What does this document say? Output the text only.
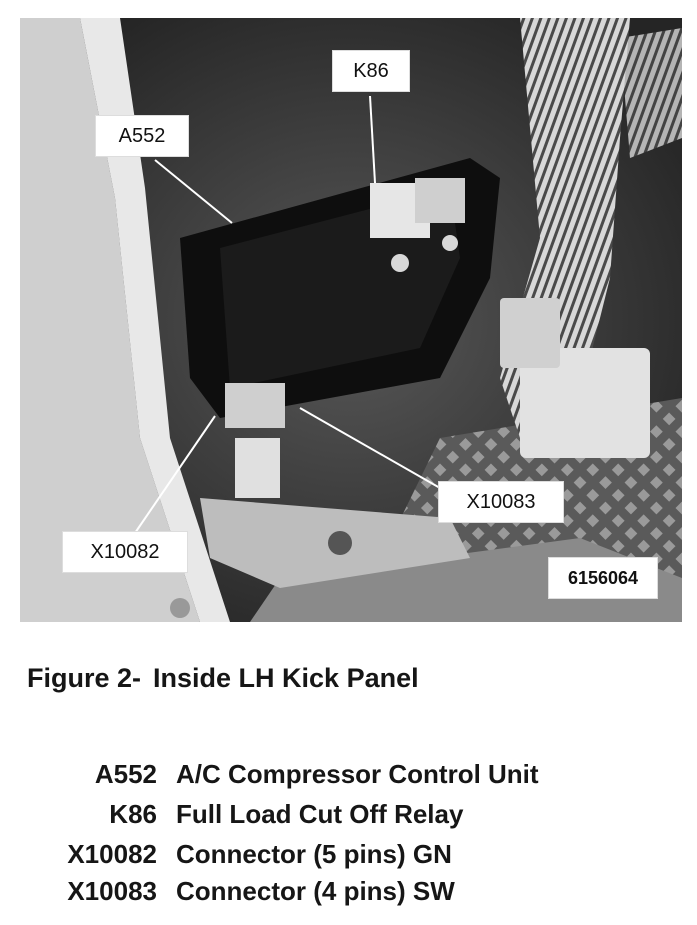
K86
A552
X10083
X10082
6156064
Figure 2- Inside LH Kick Panel
A552 A/C Compressor Control Unit
K86 Full Load Cut Off Relay
X10082 Connector (5 pins) GN
X10083 Connector (4 pins) SW
